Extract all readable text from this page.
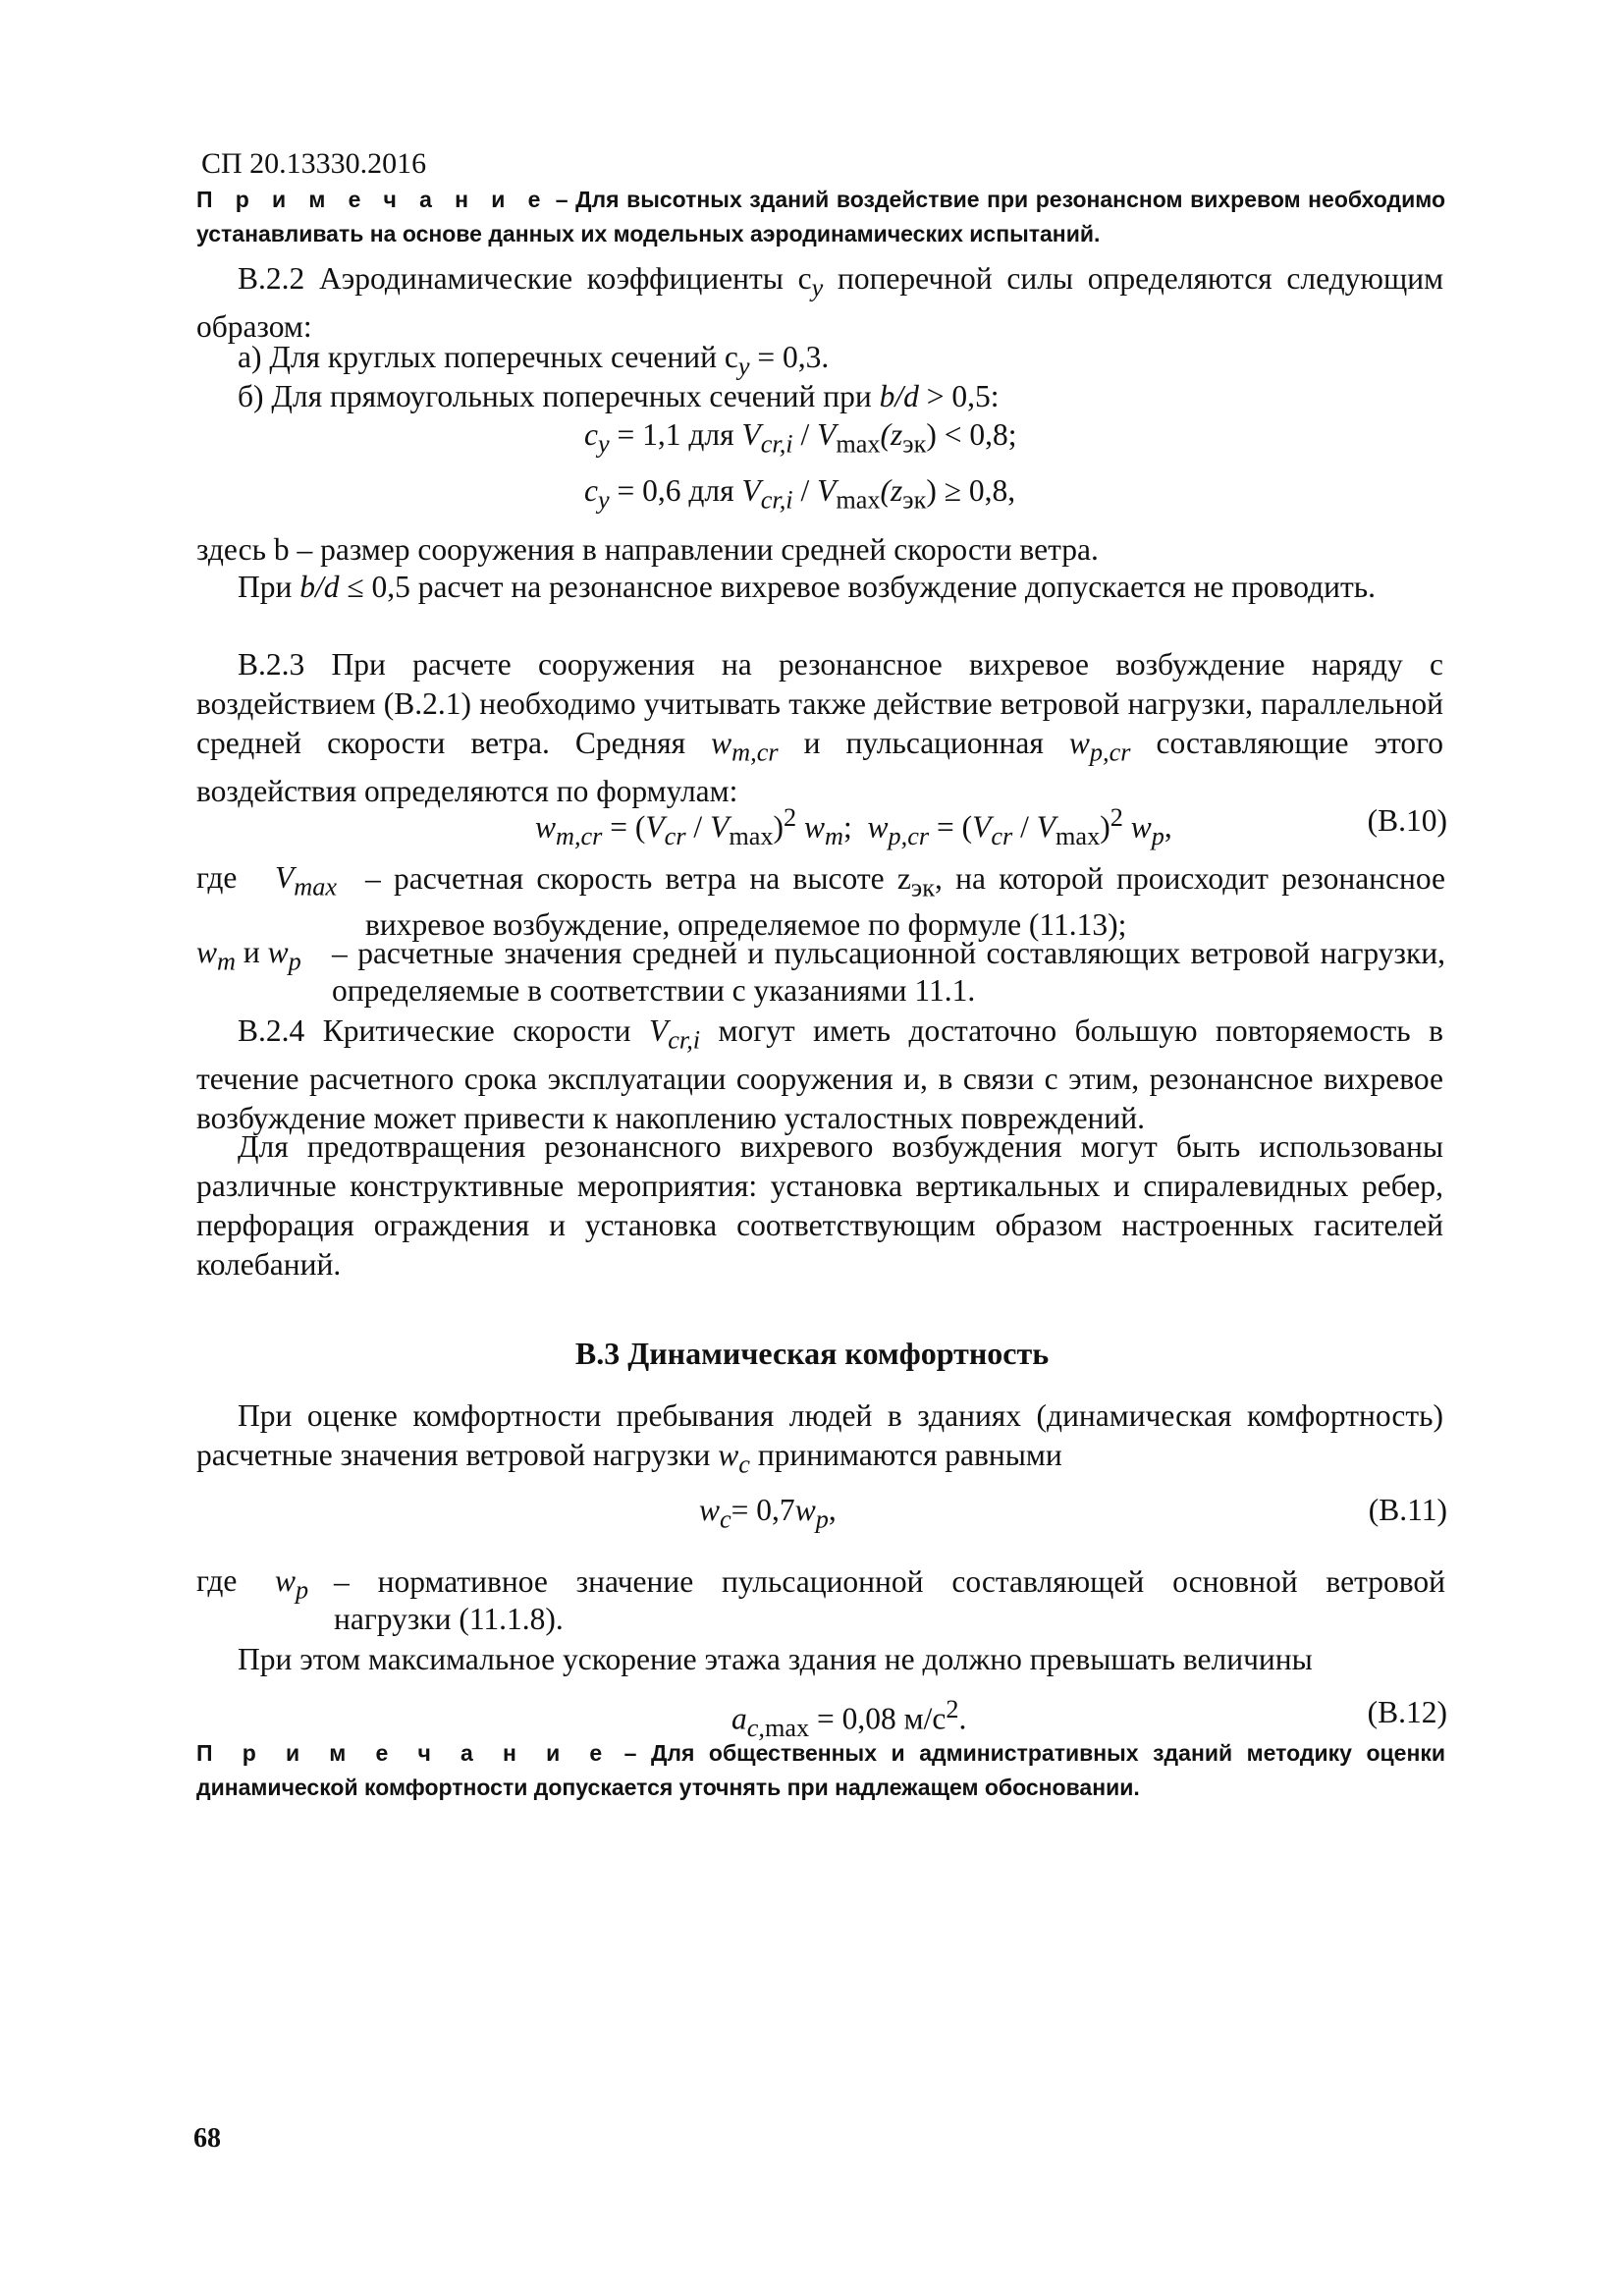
СП 20.13330.2016
П р и м е ч а н и е – Для высотных зданий воздействие при резонансном вихревом необходимо устанавливать на основе данных их модельных аэродинамических испытаний.
В.2.2 Аэродинамические коэффициенты $c_y$ поперечной силы определяются следующим образом:
а) Для круглых поперечных сечений $c_y = 0,3$.
б) Для прямоугольных поперечных сечений при b/d > 0,5:
$c_y = 1,1$ для $V_{cr,i} / V_{max}(z_{эк}) < 0,8$;
$c_y = 0,6$ для $V_{cr,i} / V_{max}(z_{эк}) \ge 0,8$,
здесь b – размер сооружения в направлении средней скорости ветра.
При b/d ≤ 0,5 расчет на резонансное вихревое возбуждение допускается не проводить.
В.2.3 При расчете сооружения на резонансное вихревое возбуждение наряду с воздействием (В.2.1) необходимо учитывать также действие ветровой нагрузки, параллельной средней скорости ветра. Средняя $w_{m,cr}$ и пульсационная $w_{p,cr}$ составляющие этого воздействия определяются по формулам:
$w_{m,cr} = (V_{cr} / V_{max})^2$ $w_m$;  $w_{p,cr} = (V_{cr} / V_{max})^2$ $w_p$,	(В.10)
где $V_{max}$ – расчетная скорость ветра на высоте $z_{эк}$, на которой происходит резонансное вихревое возбуждение, определяемое по формуле (11.13);
$w_m$ и $w_p$ – расчетные значения средней и пульсационной составляющих ветровой нагрузки, определяемые в соответствии с указаниями 11.1.
В.2.4 Критические скорости $V_{cr,i}$ могут иметь достаточно большую повторяемость в течение расчетного срока эксплуатации сооружения и, в связи с этим, резонансное вихревое возбуждение может привести к накоплению усталостных повреждений.
Для предотвращения резонансного вихревого возбуждения могут быть использованы различные конструктивные мероприятия: установка вертикальных и спиралевидных ребер, перфорация ограждения и установка соответствующим образом настроенных гасителей колебаний.
В.3 Динамическая комфортность
При оценке комфортности пребывания людей в зданиях (динамическая комфортность) расчетные значения ветровой нагрузки $w_c$ принимаются равными
$w_c= 0,7w_p$,	(В.11)
где $w_p$ – нормативное значение пульсационной составляющей основной ветровой нагрузки (11.1.8).
При этом максимальное ускорение этажа здания не должно превышать величины
$a_{c,max} = 0,08$ $м/с^2$.	(В.12)
П р и м е ч а н и е – Для общественных и административных зданий методику оценки динамической комфортности допускается уточнять при надлежащем обосновании.
68
